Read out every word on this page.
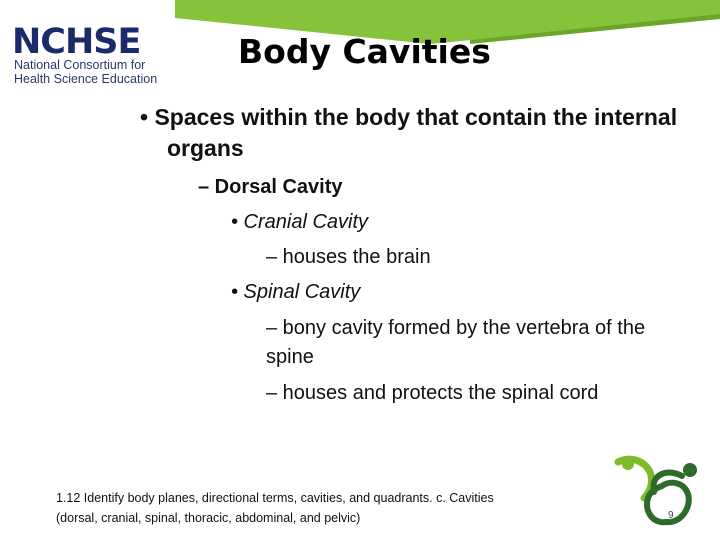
NCHSE
National Consortium for
Health Science Education
Body Cavities
• Spaces within the body that contain the internal organs
– Dorsal Cavity
• Cranial Cavity
– houses the brain
• Spinal Cavity
– bony cavity formed by the vertebra of the spine
– houses and protects the spinal cord
1.12 Identify body planes, directional terms, cavities, and quadrants. c. Cavities
(dorsal, cranial, spinal, thoracic, abdominal, and pelvic)	9
